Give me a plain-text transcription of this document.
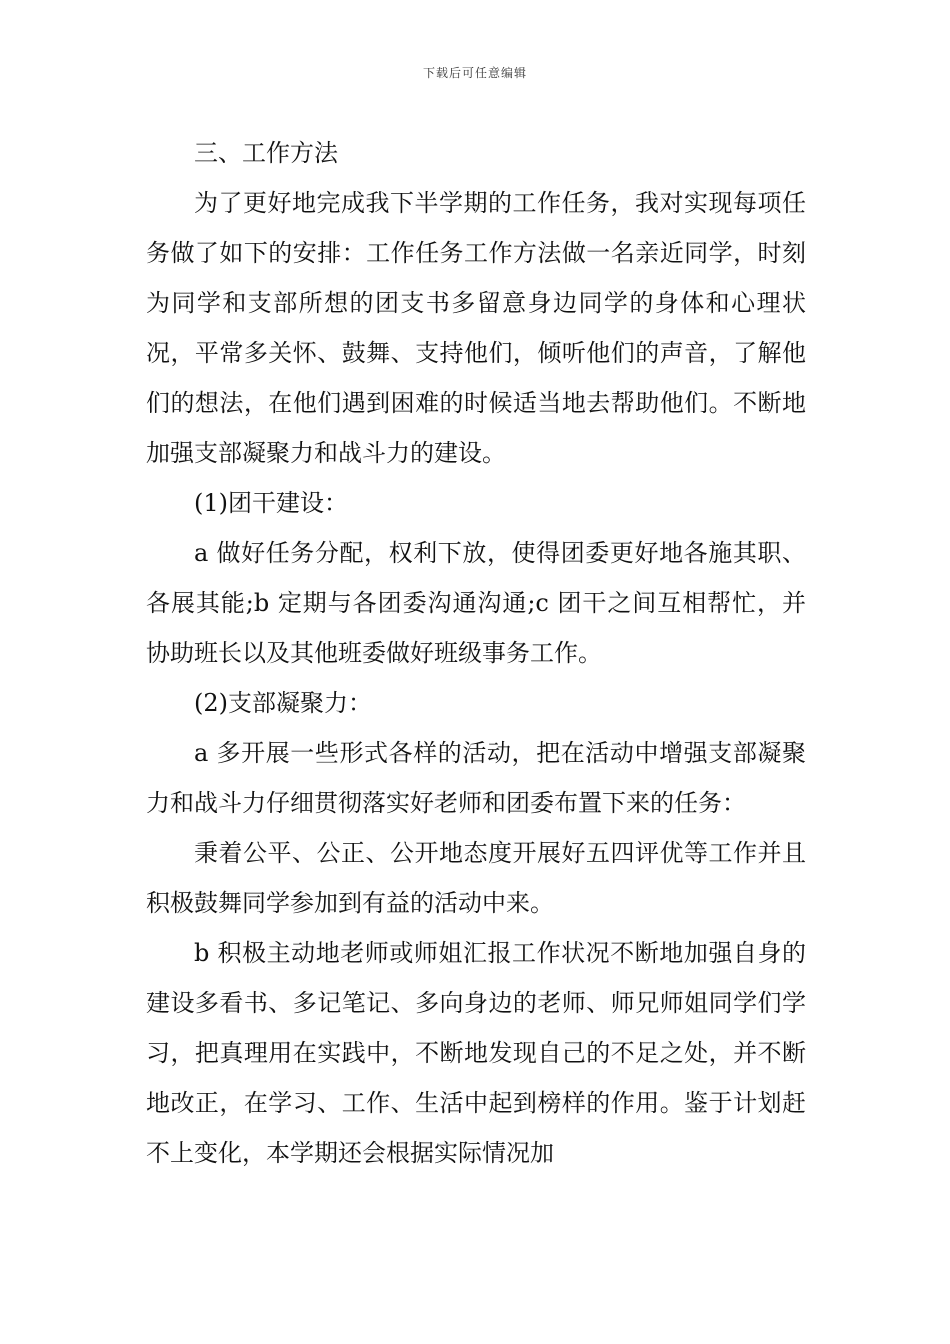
下载后可任意编辑

三、工作方法

为了更好地完成我下半学期的工作任务，我对实现每项任务做了如下的安排：工作任务工作方法做一名亲近同学，时刻为同学和支部所想的团支书多留意身边同学的身体和心理状况，平常多关怀、鼓舞、支持他们，倾听他们的声音，了解他们的想法，在他们遇到困难的时候适当地去帮助他们。不断地加强支部凝聚力和战斗力的建设。

(1)团干建设：

a 做好任务分配，权利下放，使得团委更好地各施其职、各展其能;b 定期与各团委沟通沟通;c 团干之间互相帮忙，并协助班长以及其他班委做好班级事务工作。

(2)支部凝聚力：

a 多开展一些形式各样的活动，把在活动中增强支部凝聚力和战斗力仔细贯彻落实好老师和团委布置下来的任务：

秉着公平、公正、公开地态度开展好五四评优等工作并且积极鼓舞同学参加到有益的活动中来。

b 积极主动地老师或师姐汇报工作状况不断地加强自身的建设多看书、多记笔记、多向身边的老师、师兄师姐同学们学习，把真理用在实践中，不断地发现自己的不足之处，并不断地改正，在学习、工作、生活中起到榜样的作用。鉴于计划赶不上变化，本学期还会根据实际情况加
